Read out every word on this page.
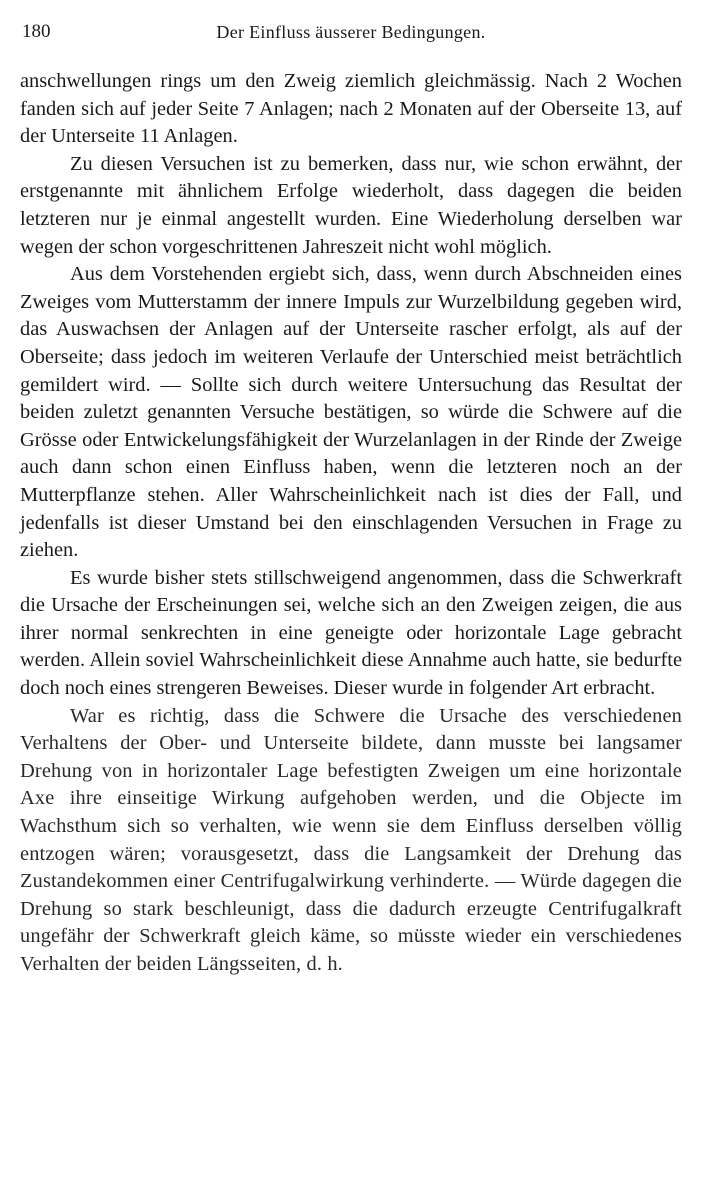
180	Der Einfluss äusserer Bedingungen.

anschwellungen rings um den Zweig ziemlich gleichmässig. Nach 2 Wochen fanden sich auf jeder Seite 7 Anlagen; nach 2 Monaten auf der Oberseite 13, auf der Unterseite 11 Anlagen.

Zu diesen Versuchen ist zu bemerken, dass nur, wie schon erwähnt, der erstgenannte mit ähnlichem Erfolge wiederholt, dass dagegen die beiden letzteren nur je einmal angestellt wurden. Eine Wiederholung derselben war wegen der schon vorgeschrittenen Jahreszeit nicht wohl möglich.

Aus dem Vorstehenden ergiebt sich, dass, wenn durch Abschneiden eines Zweiges vom Mutterstamm der innere Impuls zur Wurzelbildung gegeben wird, das Auswachsen der Anlagen auf der Unterseite rascher erfolgt, als auf der Oberseite; dass jedoch im weiteren Verlaufe der Unterschied meist beträchtlich gemildert wird. — Sollte sich durch weitere Untersuchung das Resultat der beiden zuletzt genannten Versuche bestätigen, so würde die Schwere auf die Grösse oder Entwickelungsfähigkeit der Wurzelanlagen in der Rinde der Zweige auch dann schon einen Einfluss haben, wenn die letzteren noch an der Mutterpflanze stehen. Aller Wahrscheinlichkeit nach ist dies der Fall, und jedenfalls ist dieser Umstand bei den einschlagenden Versuchen in Frage zu ziehen.

Es wurde bisher stets stillschweigend angenommen, dass die Schwerkraft die Ursache der Erscheinungen sei, welche sich an den Zweigen zeigen, die aus ihrer normal senkrechten in eine geneigte oder horizontale Lage gebracht werden. Allein soviel Wahrscheinlichkeit diese Annahme auch hatte, sie bedurfte doch noch eines strengeren Beweises. Dieser wurde in folgender Art erbracht.

War es richtig, dass die Schwere die Ursache des verschiedenen Verhaltens der Ober- und Unterseite bildete, dann musste bei langsamer Drehung von in horizontaler Lage befestigten Zweigen um eine horizontale Axe ihre einseitige Wirkung aufgehoben werden, und die Objecte im Wachsthum sich so verhalten, wie wenn sie dem Einfluss derselben völlig entzogen wären; vorausgesetzt, dass die Langsamkeit der Drehung das Zustandekommen einer Centrifugalwirkung verhinderte. — Würde dagegen die Drehung so stark beschleunigt, dass die dadurch erzeugte Centrifugalkraft ungefähr der Schwerkraft gleich käme, so müsste wieder ein verschiedenes Verhalten der beiden Längsseiten, d. h.
